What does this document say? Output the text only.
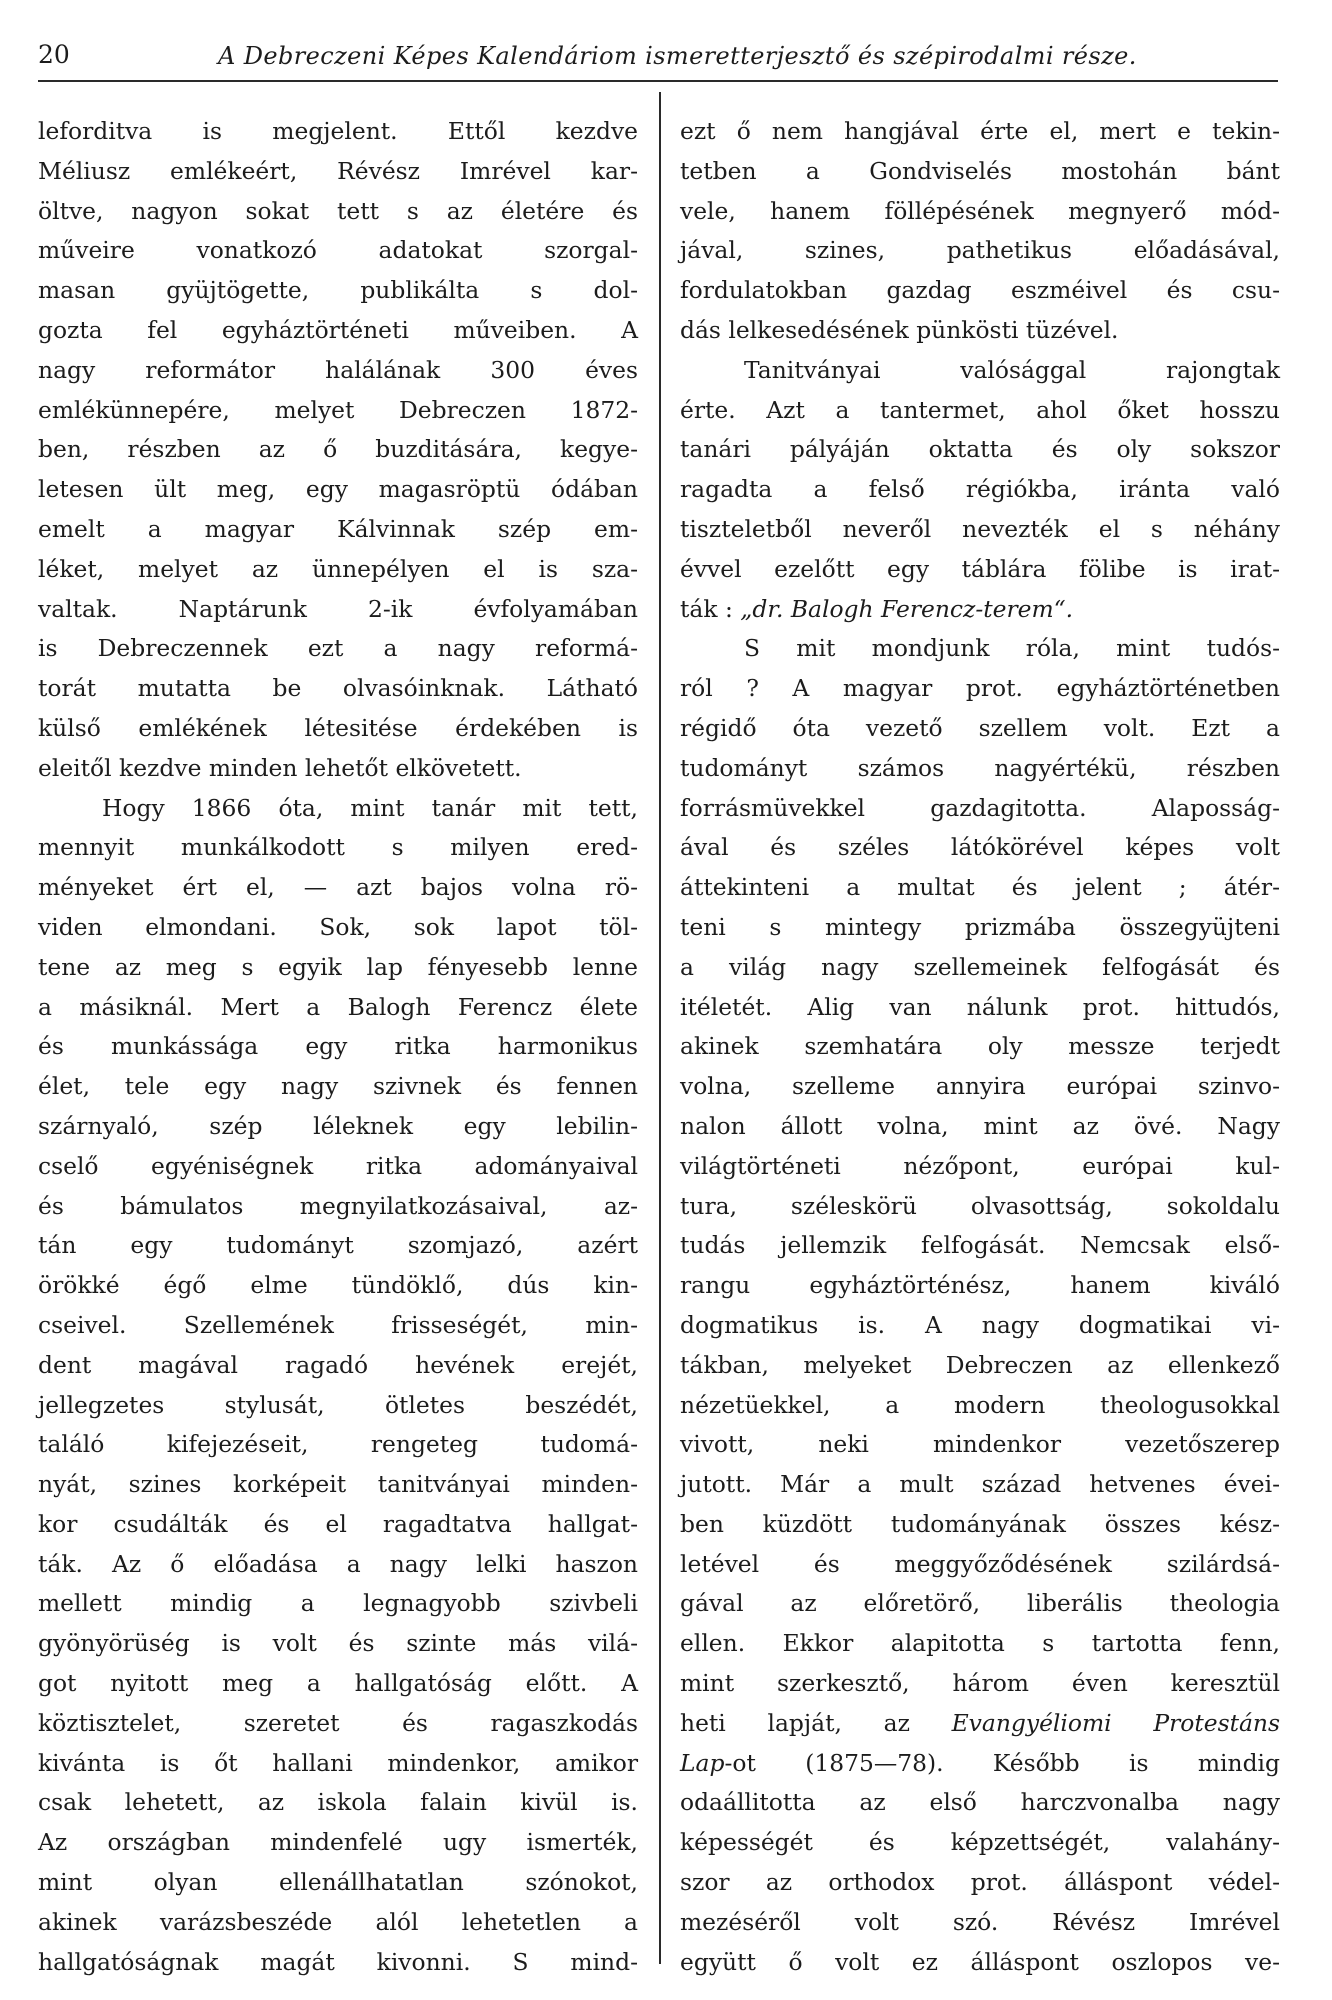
20	A Debreczeni Képes Kalendáriom ismeretterjesztő és szépirodalmi része.

leforditva is megjelent. Ettől kezdve
Méliusz emlékeért, Révész Imrével kar-
öltve, nagyon sokat tett s az életére és
műveire vonatkozó adatokat szorgal-
masan gyüjtögette, publikálta s dol-
gozta fel egyháztörténeti műveiben. A
nagy reformátor halálának 300 éves
emlékünnepére, melyet Debreczen 1872-
ben, részben az ő buzditására, kegye-
letesen ült meg, egy magasröptü ódában
emelt a magyar Kálvinnak szép em-
léket, melyet az ünnepélyen el is sza-
valtak. Naptárunk 2-ik évfolyamában
is Debreczennek ezt a nagy reformá-
torát mutatta be olvasóinknak. Látható
külső emlékének létesitése érdekében is
eleitől kezdve minden lehetőt elkövetett.

Hogy 1866 óta, mint tanár mit tett,
mennyit munkálkodott s milyen ered-
ményeket ért el, — azt bajos volna rö-
viden elmondani. Sok, sok lapot töl-
tene az meg s egyik lap fényesebb lenne
a másiknál. Mert a Balogh Ferencz élete
és munkássága egy ritka harmonikus
élet, tele egy nagy szivnek és fennen
szárnyaló, szép léleknek egy lebilin-
cselő egyéniségnek ritka adományaival
és bámulatos megnyilatkozásaival, az-
tán egy tudományt szomjazó, azért
örökké égő elme tündöklő, dús kin-
cseivel. Szellemének frisseségét, min-
dent magával ragadó hevének erejét,
jellegzetes stylusát, ötletes beszédét,
találó kifejezéseit, rengeteg tudomá-
nyát, szines korképeit tanitványai minden-
kor csudálták és el ragadtatva hallgat-
ták. Az ő előadása a nagy lelki haszon
mellett mindig a legnagyobb szivbeli
gyönyörüség is volt és szinte más vilá-
got nyitott meg a hallgatóság előtt. A
köztisztelet, szeretet és ragaszkodás
kivánta is őt hallani mindenkor, amikor
csak lehetett, az iskola falain kivül is.
Az országban mindenfelé ugy ismerték,
mint olyan ellenállhatatlan szónokot,
akinek varázsbeszéde alól lehetetlen a
hallgatóságnak magát kivonni. S mind-

ezt ő nem hangjával érte el, mert e tekin-
tetben a Gondviselés mostohán bánt
vele, hanem föllépésének megnyerő mód-
jával, szines, pathetikus előadásával,
fordulatokban gazdag eszméivel és csu-
dás lelkesedésének pünkösti tüzével.

Tanitványai valósággal rajongtak
érte. Azt a tantermet, ahol őket hosszu
tanári pályáján oktatta és oly sokszor
ragadta a felső régiókba, iránta való
tiszteletből neveről nevezték el s néhány
évvel ezelőtt egy táblára fölibe is irat-
ták : „dr. Balogh Ferencz-terem“.

S mit mondjunk róla, mint tudós-
ról ? A magyar prot. egyháztörténetben
régidő óta vezető szellem volt. Ezt a
tudományt számos nagyértékü, részben
forrásmüvekkel gazdagitotta. Alaposság-
ával és széles látókörével képes volt
áttekinteni a multat és jelent ; átér-
teni s mintegy prizmába összegyüjteni
a világ nagy szellemeinek felfogását és
itéletét. Alig van nálunk prot. hittudós,
akinek szemhatára oly messze terjedt
volna, szelleme annyira európai szinvo-
nalon állott volna, mint az övé. Nagy
világtörténeti nézőpont, európai kul-
tura, széleskörü olvasottság, sokoldalu
tudás jellemzik felfogását. Nemcsak első-
rangu egyháztörténész, hanem kiváló
dogmatikus is. A nagy dogmatikai vi-
tákban, melyeket Debreczen az ellenkező
nézetüekkel, a modern theologusokkal
vivott, neki mindenkor vezetőszerep
jutott. Már a mult század hetvenes évei-
ben küzdött tudományának összes kész-
letével és meggyőződésének szilárdsá-
gával az előretörő, liberális theologia
ellen. Ekkor alapitotta s tartotta fenn,
mint szerkesztő, három éven keresztül
heti lapját, az Evangyéliomi Protestáns
Lap-ot (1875—78). Később is mindig
odaállitotta az első harczvonalba nagy
képességét és képzettségét, valahány-
szor az orthodox prot. álláspont védel-
mezéséről volt szó. Révész Imrével
együtt ő volt ez álláspont oszlopos ve-
